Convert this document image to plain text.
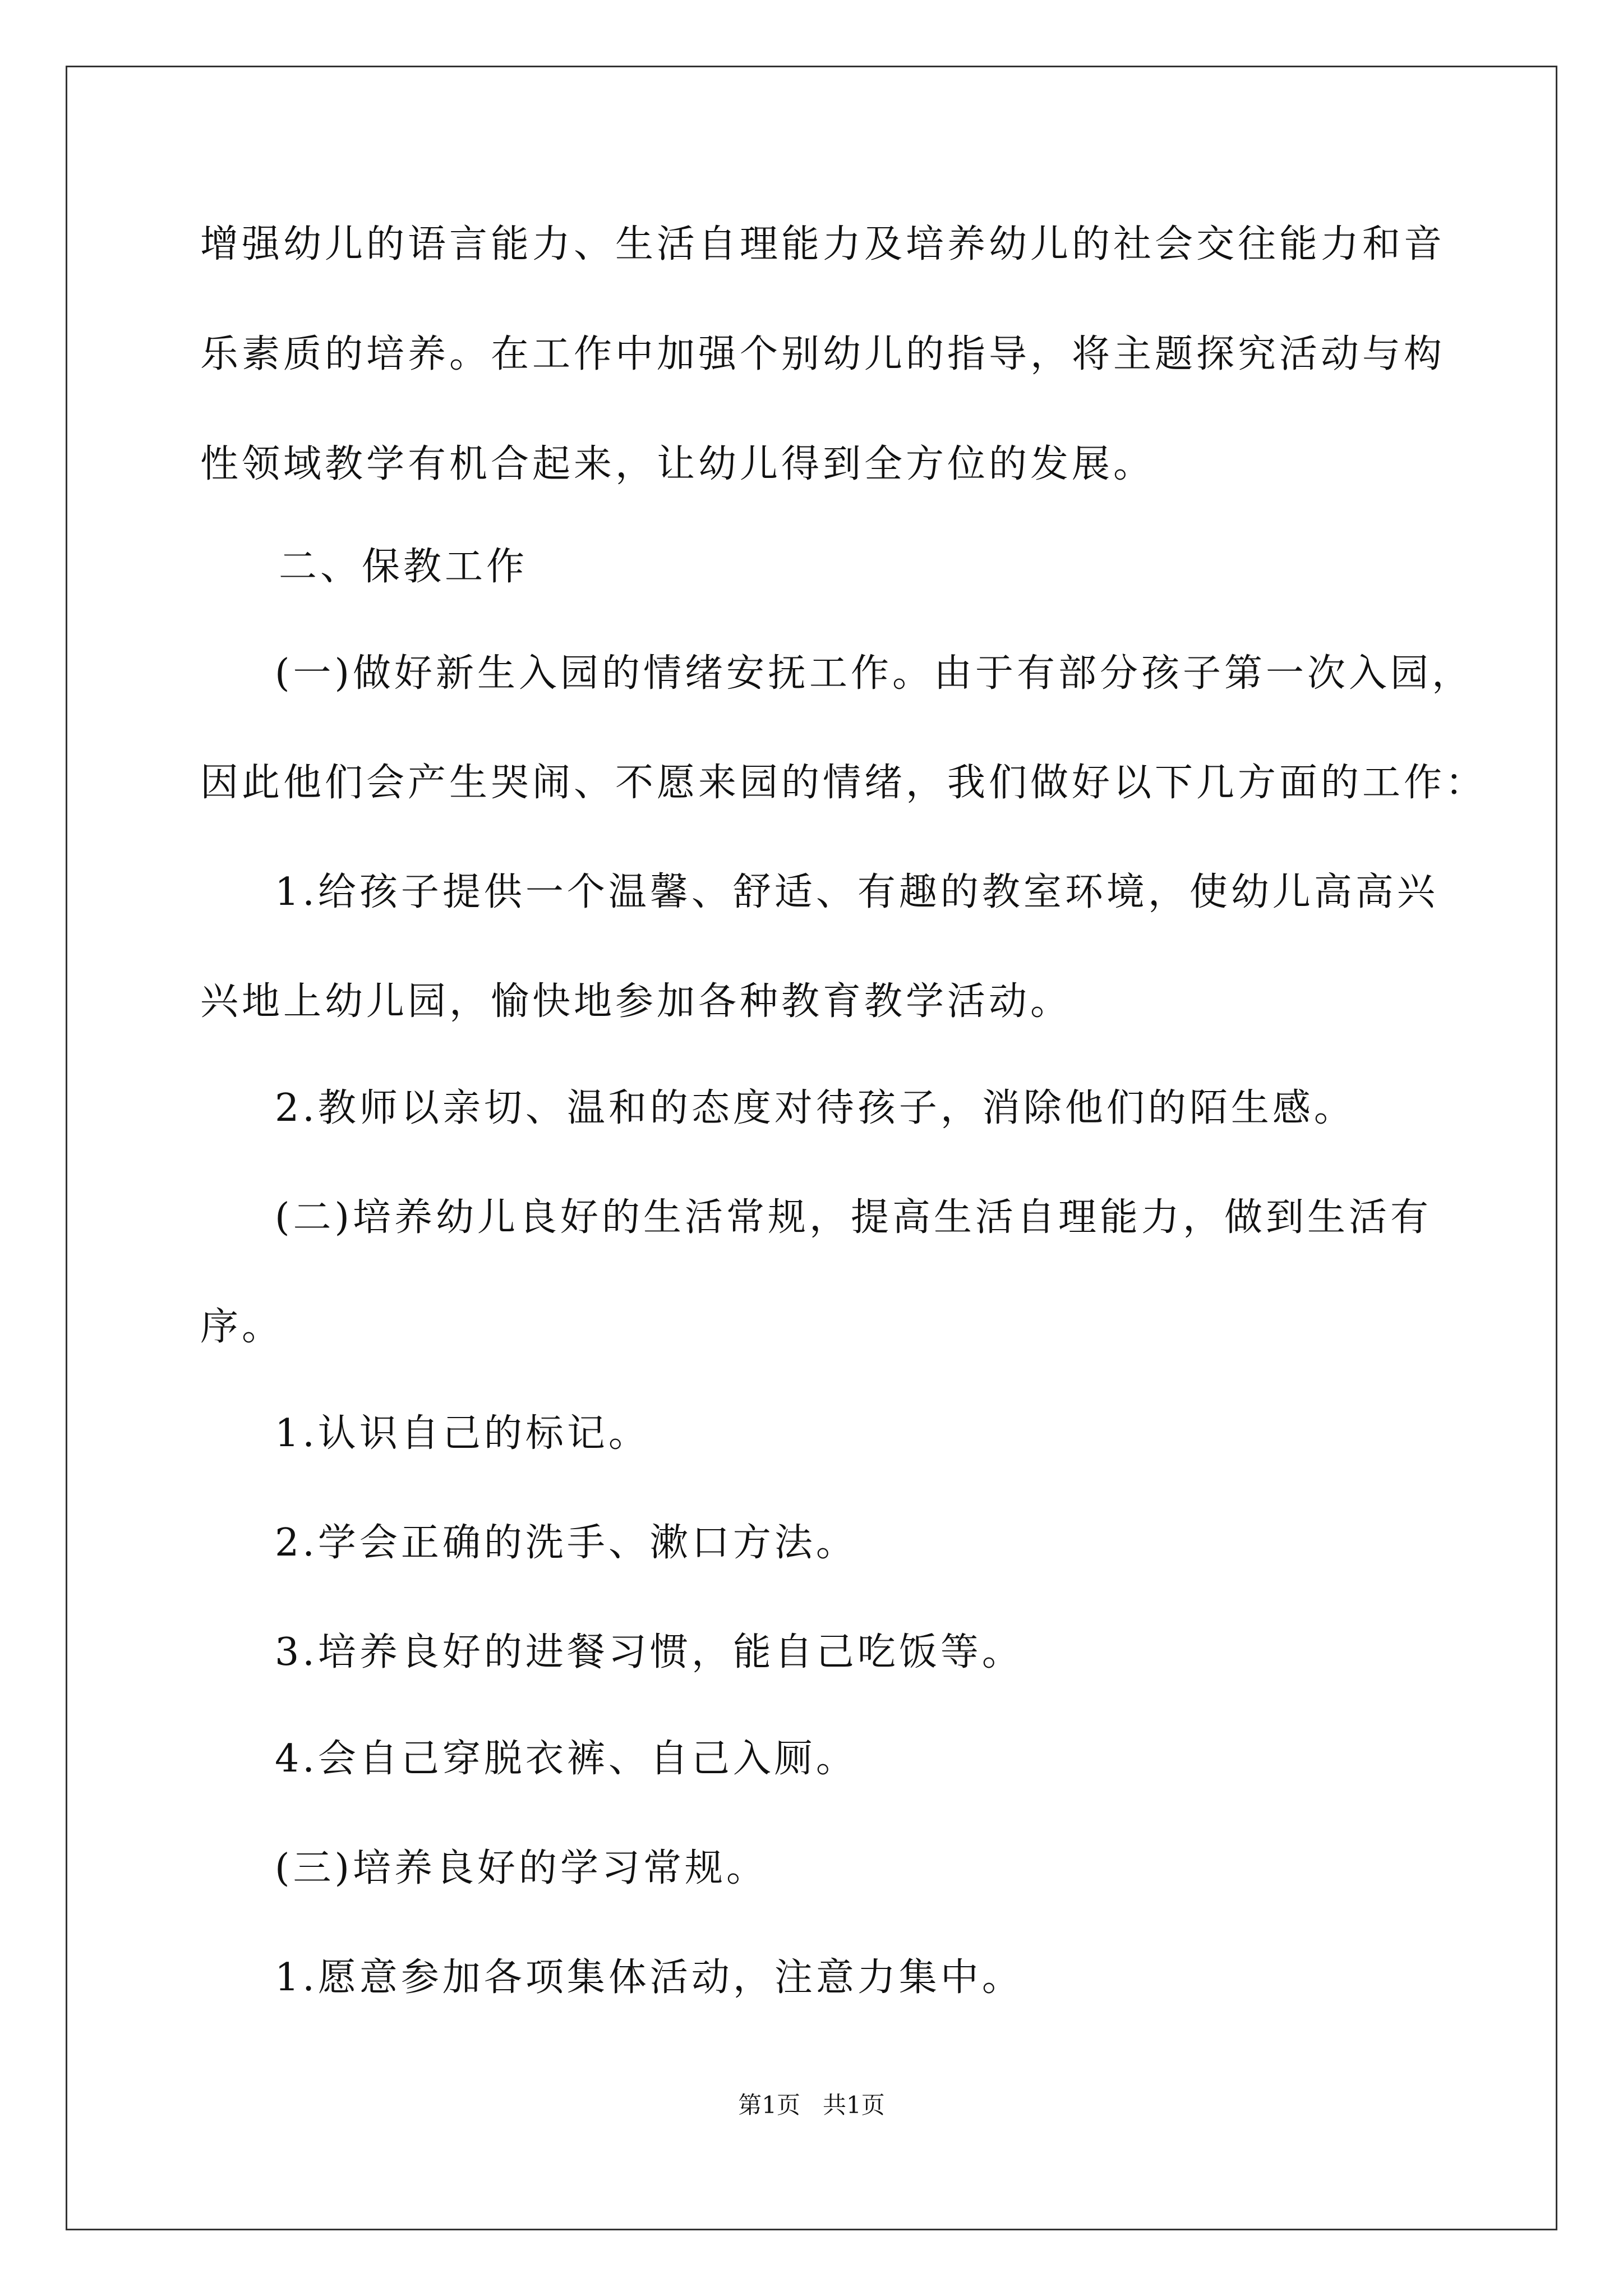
增强幼儿的语言能力、生活自理能力及培养幼儿的社会交往能力和音

乐素质的培养。在工作中加强个别幼儿的指导，将主题探究活动与构

性领域教学有机合起来，让幼儿得到全方位的发展。

二、保教工作

(一)做好新生入园的情绪安抚工作。由于有部分孩子第一次入园，

因此他们会产生哭闹、不愿来园的情绪，我们做好以下几方面的工作：

1.给孩子提供一个温馨、舒适、有趣的教室环境，使幼儿高高兴

兴地上幼儿园，愉快地参加各种教育教学活动。

2.教师以亲切、温和的态度对待孩子，消除他们的陌生感。

(二)培养幼儿良好的生活常规，提高生活自理能力，做到生活有

序。

1.认识自己的标记。

2.学会正确的洗手、漱口方法。

3.培养良好的进餐习惯，能自己吃饭等。

4.会自己穿脱衣裤、自己入厕。

(三)培养良好的学习常规。

1.愿意参加各项集体活动，注意力集中。

第1页   共1页
